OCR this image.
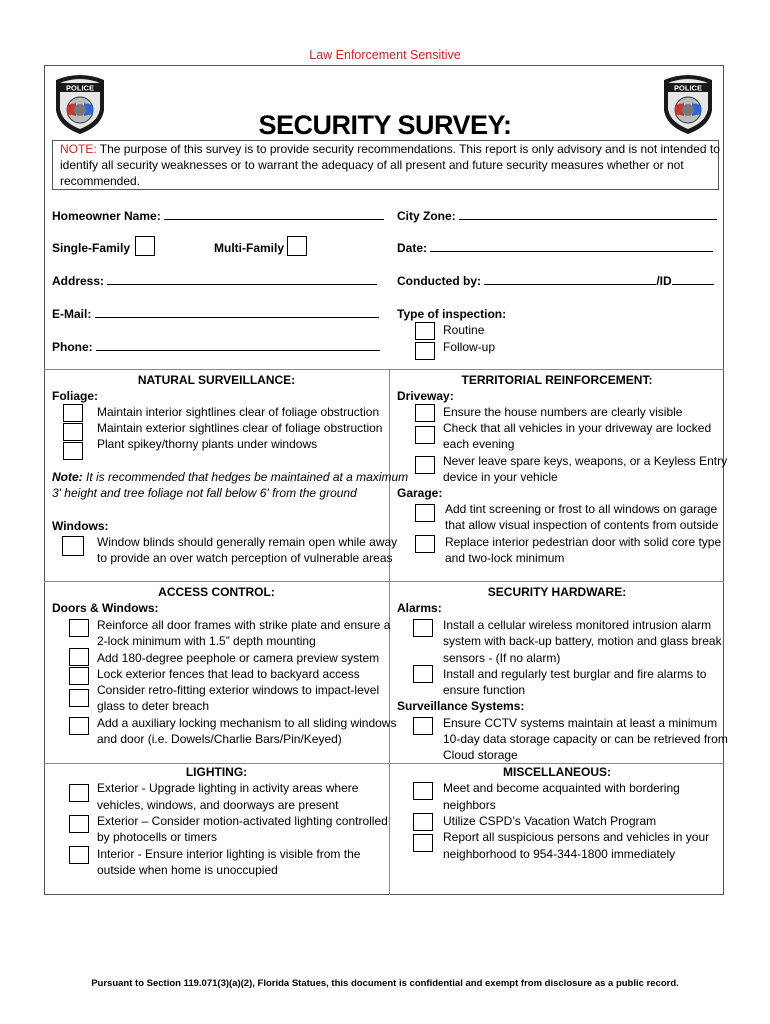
Law Enforcement Sensitive
POLICE	POLICE
SECURITY SURVEY:
NOTE: The purpose of this survey is to provide security recommendations. This report is only advisory and is not intended to
identify all security weaknesses or to warrant the adequacy of all present and future security measures whether or not
recommended.
Homeowner Name:
Single-Family	Multi-Family
Address:
E-Mail:
Phone:
City Zone:
Date:
Conducted by:	/ID
Type of inspection:
Routine
Follow-up
NATURAL SURVEILLANCE:
Foliage:
Maintain interior sightlines clear of foliage obstruction
Maintain exterior sightlines clear of foliage obstruction
Plant spikey/thorny plants under windows
Note: It is recommended that hedges be maintained at a maximum
3' height and tree foliage not fall below 6' from the ground
Windows:
Window blinds should generally remain open while away
to provide an over watch perception of vulnerable areas
TERRITORIAL REINFORCEMENT:
Driveway:
Ensure the house numbers are clearly visible
Check that all vehicles in your driveway are locked
each evening
Never leave spare keys, weapons, or a Keyless Entry
device in your vehicle
Garage:
Add tint screening or frost to all windows on garage
that allow visual inspection of contents from outside
Replace interior pedestrian door with solid core type
and two-lock minimum
ACCESS CONTROL:
Doors & Windows:
Reinforce all door frames with strike plate and ensure a
2-lock minimum with 1.5” depth mounting
Add 180-degree peephole or camera preview system
Lock exterior fences that lead to backyard access
Consider retro-fitting exterior windows to impact-level
glass to deter breach
Add a auxiliary locking mechanism to all sliding windows
and door (i.e. Dowels/Charlie Bars/Pin/Keyed)
SECURITY HARDWARE:
Alarms:
Install a cellular wireless monitored intrusion alarm
system with back-up battery, motion and glass break
sensors - (If no alarm)
Install and regularly test burglar and fire alarms to
ensure function
Surveillance Systems:
Ensure CCTV systems maintain at least a minimum
10-day data storage capacity or can be retrieved from
Cloud storage
LIGHTING:
Exterior - Upgrade lighting in activity areas where
vehicles, windows, and doorways are present
Exterior – Consider motion-activated lighting controlled
by photocells or timers
Interior - Ensure interior lighting is visible from the
outside when home is unoccupied
MISCELLANEOUS:
Meet and become acquainted with bordering
neighbors
Utilize CSPD’s Vacation Watch Program
Report all suspicious persons and vehicles in your
neighborhood to 954-344-1800 immediately
Pursuant to Section 119.071(3)(a)(2), Florida Statues, this document is confidential and exempt from disclosure as a public record.
